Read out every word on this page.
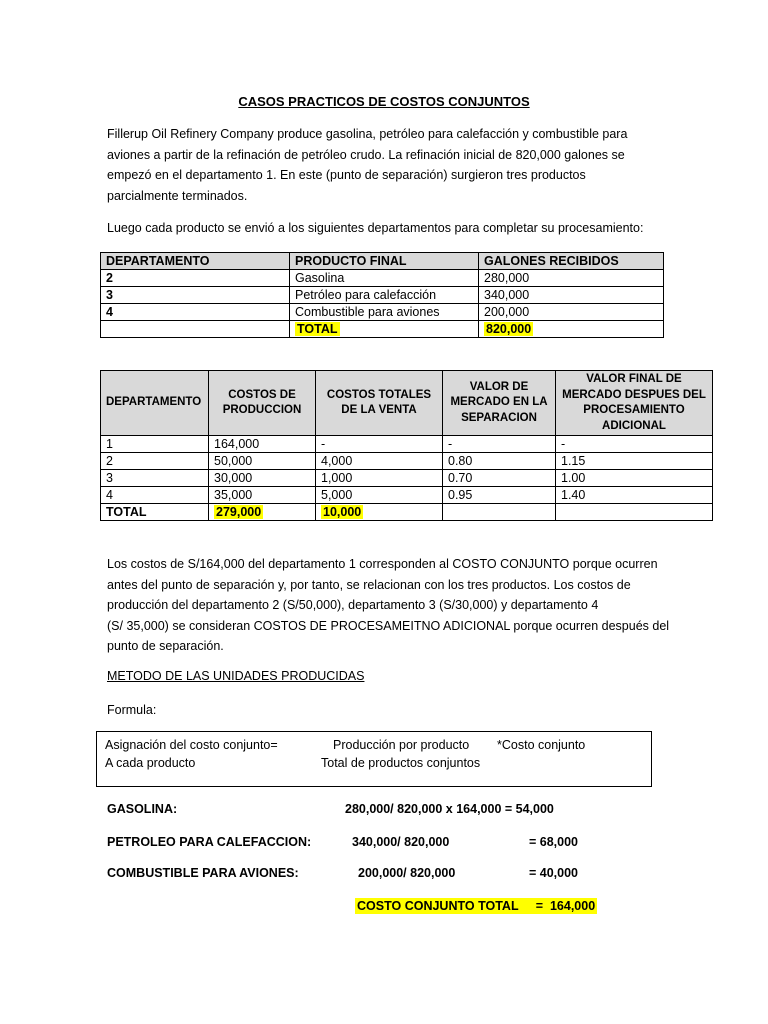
CASOS PRACTICOS DE COSTOS CONJUNTOS
Fillerup Oil Refinery Company produce gasolina, petróleo para calefacción y combustible para
aviones a partir de la refinación de petróleo crudo. La refinación inicial de 820,000 galones se
empezó en el departamento 1. En este (punto de separación) surgieron tres productos
parcialmente terminados.
Luego cada producto se envió a los siguientes departamentos para completar su procesamiento:
DEPARTAMENTO	PRODUCTO FINAL	GALONES RECIBIDOS
2	Gasolina	280,000
3	Petróleo para calefacción	340,000
4	Combustible para aviones	200,000
	TOTAL	820,000
DEPARTAMENTO	COSTOS DE PRODUCCION	COSTOS TOTALES DE LA VENTA	VALOR DE MERCADO EN LA SEPARACION	VALOR FINAL DE MERCADO DESPUES DEL PROCESAMIENTO ADICIONAL
1	164,000	-	-	-
2	50,000	4,000	0.80	1.15
3	30,000	1,000	0.70	1.00
4	35,000	5,000	0.95	1.40
TOTAL	279,000	10,000		
Los costos de S/164,000 del departamento 1 corresponden al COSTO CONJUNTO porque ocurren
antes del punto de separación y, por tanto, se relacionan con los tres productos. Los costos de
producción del departamento 2 (S/50,000), departamento 3 (S/30,000) y departamento 4
(S/ 35,000) se consideran COSTOS DE PROCESAMEITNO ADICIONAL porque ocurren después del
punto de separación.
METODO DE LAS UNIDADES PRODUCIDAS
Formula:
Asignación del costo conjunto=
A cada producto
Producción por producto
Total de productos conjuntos
*Costo conjunto
GASOLINA:	280,000/ 820,000 x 164,000 = 54,000
PETROLEO PARA CALEFACCION:	340,000/ 820,000	= 68,000
COMBUSTIBLE PARA AVIONES:	200,000/ 820,000	= 40,000
COSTO CONJUNTO TOTAL     =  164,000
